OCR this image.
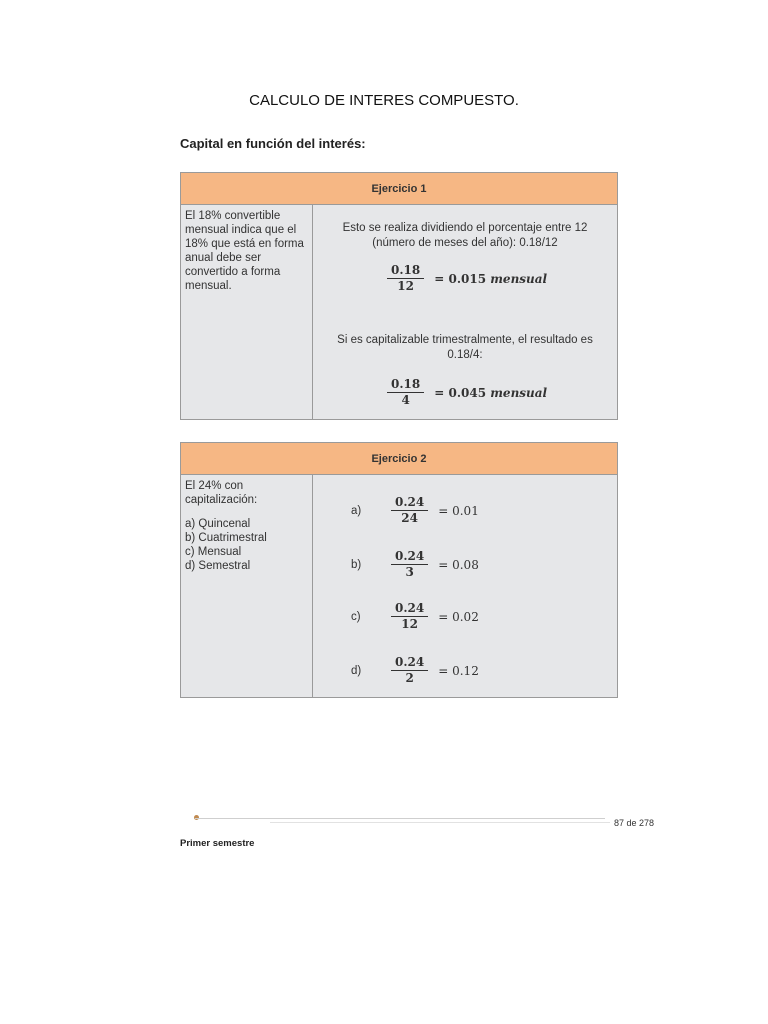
CALCULO DE INTERES COMPUESTO.
Capital en función del interés:
Ejercicio 1
El 18% convertible mensual indica que el 18% que está en forma anual debe ser convertido a forma mensual.
Esto se realiza dividiendo el porcentaje entre 12 (número de meses del año): 0.18/12
$\frac{0.18}{12} = 0.015$ mensual
Si es capitalizable trimestralmente, el resultado es 0.18/4:
$\frac{0.18}{4} = 0.045$ mensual
Ejercicio 2
El 24% con capitalización:
a) Quincenal
b) Cuatrimestral
c) Mensual
d) Semestral
a)	$\frac{0.24}{24} = 0.01$
b)	$\frac{0.24}{3} = 0.08$
c)	$\frac{0.24}{12} = 0.02$
d)	$\frac{0.24}{2} = 0.12$
87 de 278
Primer semestre
